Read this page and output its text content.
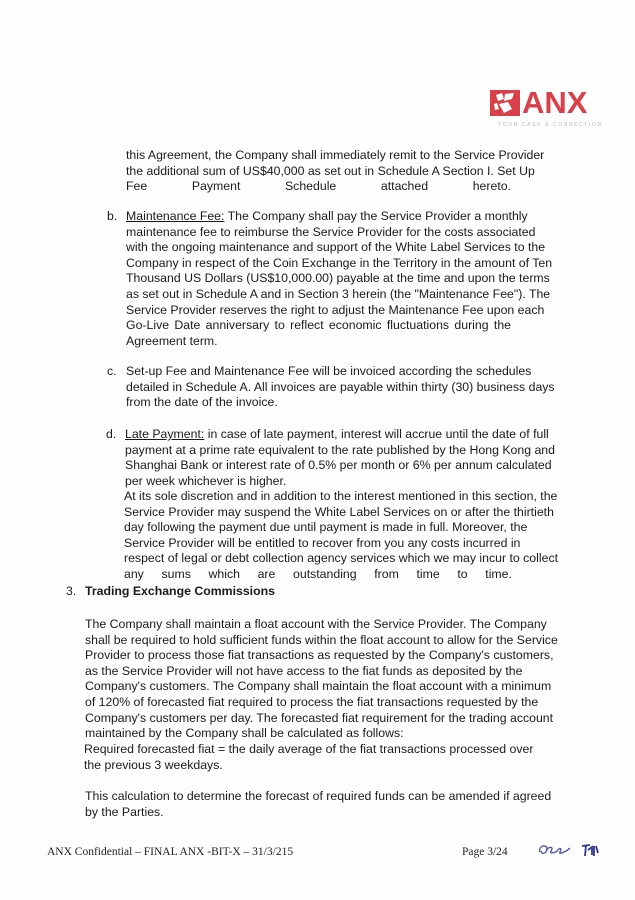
ANX
YOUR CASH & CONNECTION
this Agreement, the Company shall immediately remit to the Service Provider
the additional sum of US$40,000 as set out in Schedule A Section I. Set Up
Fee	Payment	Schedule	attached	hereto.
b. Maintenance Fee: The Company shall pay the Service Provider a monthly
maintenance fee to reimburse the Service Provider for the costs associated
with the ongoing maintenance and support of the White Label Services to the
Company in respect of the Coin Exchange in the Territory in the amount of Ten
Thousand US Dollars (US$10,000.00) payable at the time and upon the terms
as set out in Schedule A and in Section 3 herein (the "Maintenance Fee"). The
Service Provider reserves the right to adjust the Maintenance Fee upon each
Go-Live Date anniversary to reflect economic fluctuations during the
Agreement term.
c. Set-up Fee and Maintenance Fee will be invoiced according the schedules
detailed in Schedule A. All invoices are payable within thirty (30) business days
from the date of the invoice.
d. Late Payment: in case of late payment, interest will accrue until the date of full
payment at a prime rate equivalent to the rate published by the Hong Kong and
Shanghai Bank or interest rate of 0.5% per month or 6% per annum calculated
per week whichever is higher.
At its sole discretion and in addition to the interest mentioned in this section, the
Service Provider may suspend the White Label Services on or after the thirtieth
day following the payment due until payment is made in full. Moreover, the
Service Provider will be entitled to recover from you any costs incurred in
respect of legal or debt collection agency services which we may incur to collect
any sums which are outstanding from time to time.
3. Trading Exchange Commissions
The Company shall maintain a float account with the Service Provider. The Company
shall be required to hold sufficient funds within the float account to allow for the Service
Provider to process those fiat transactions as requested by the Company's customers,
as the Service Provider will not have access to the fiat funds as deposited by the
Company's customers. The Company shall maintain the float account with a minimum
of 120% of forecasted fiat required to process the fiat transactions requested by the
Company's customers per day. The forecasted fiat requirement for the trading account
maintained by the Company shall be calculated as follows:
Required forecasted fiat = the daily average of the fiat transactions processed over
the previous 3 weekdays.
This calculation to determine the forecast of required funds can be amended if agreed
by the Parties.
ANX Confidential – FINAL ANX -BIT-X – 31/3/215	Page 3/24
